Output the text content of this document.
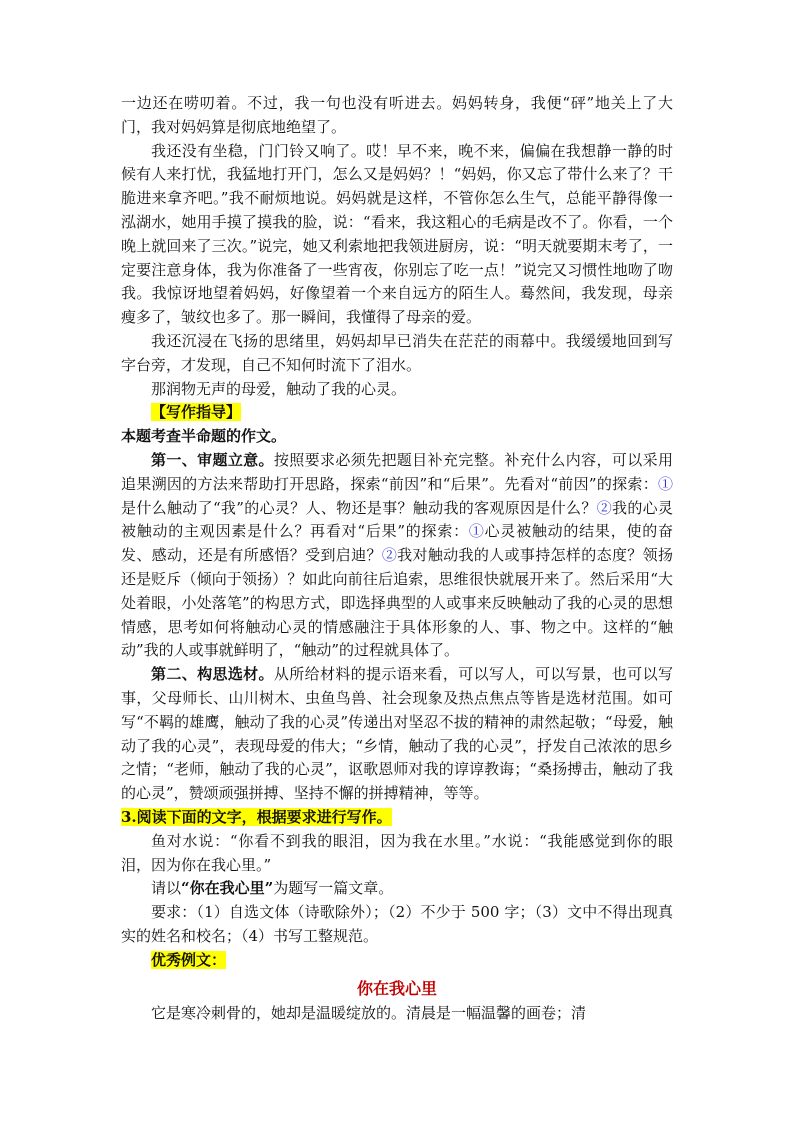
一边还在唠叨着。不过，我一句也没有听进去。妈妈转身，我便“砰”地关上了大门，我对妈妈算是彻底地绝望了。

我还没有坐稳，门门铃又响了。哎！早不来，晚不来，偏偏在我想静一静的时候有人来打忧，我猛地打开门，怎么又是妈妈？！“妈妈，你又忘了带什么来了？干脆进来拿齐吧。”我不耐烦地说。妈妈就是这样，不管你怎么生气，总能平静得像一泓湖水，她用手摸了摸我的脸，说：“看来，我这粗心的毛病是改不了。你看，一个晚上就回来了三次。”说完，她又利索地把我领进厨房，说：“明天就要期末考了，一定要注意身体，我为你准备了一些宵夜，你别忘了吃一点！”说完又习惯性地吻了吻我。我惊讶地望着妈妈，好像望着一个来自远方的陌生人。蓦然间，我发现，母亲瘦多了，皱纹也多了。那一瞬间，我懂得了母亲的爱。

我还沉浸在飞扬的思绪里，妈妈却早已消失在茫茫的雨幕中。我缓缓地回到写字台旁，才发现，自己不知何时流下了泪水。

那润物无声的母爱，触动了我的心灵。

【写作指导】

本题考查半命题的作文。

第一、审题立意。按照要求必须先把题目补充完整。补充什么内容，可以采用追果溯因的方法来帮助打开思路，探索“前因”和“后果”。先看对“前因”的探索：①是什么触动了“我”的心灵？人、物还是事？触动我的客观原因是什么？②我的心灵被触动的主观因素是什么？再看对“后果”的探索：①心灵被触动的结果，使的奋发、感动，还是有所感悟？受到启迪？②我对触动我的人或事持怎样的态度？领扬还是贬斥（倾向于领扬）？如此向前往后追索，思维很快就展开来了。然后采用“大处着眼，小处落笔”的构思方式，即选择典型的人或事来反映触动了我的心灵的思想情感，思考如何将触动心灵的情感融注于具体形象的人、事、物之中。这样的“触动”我的人或事就鲜明了，“触动”的过程就具体了。

第二、构思选材。从所给材料的提示语来看，可以写人，可以写景，也可以写事，父母师长、山川树木、虫鱼鸟兽、社会现象及热点焦点等皆是选材范围。如可写“不羁的雄鹰，触动了我的心灵”传递出对坚忍不拔的精神的肃然起敬；“母爱，触动了我的心灵”，表现母爱的伟大；“乡情，触动了我的心灵”，抒发自己浓浓的思乡之情；“老师，触动了我的心灵”，讴歌恩师对我的谆谆教诲；“桑扬搏击，触动了我的心灵”，赞颂顽强拼搏、坚持不懈的拼搏精神，等等。

3.阅读下面的文字，根据要求进行写作。

鱼对水说：“你看不到我的眼泪，因为我在水里。”水说：“我能感觉到你的眼泪，因为你在我心里。”

请以“你在我心里”为题写一篇文章。

要求：（1）自选文体（诗歌除外）；（2）不少于 500 字；（3）文中不得出现真实的姓名和校名；（4）书写工整规范。

优秀例文：

你在我心里

它是寒冷刺骨的，她却是温暖绽放的。清晨是一幅温馨的画卷；清
